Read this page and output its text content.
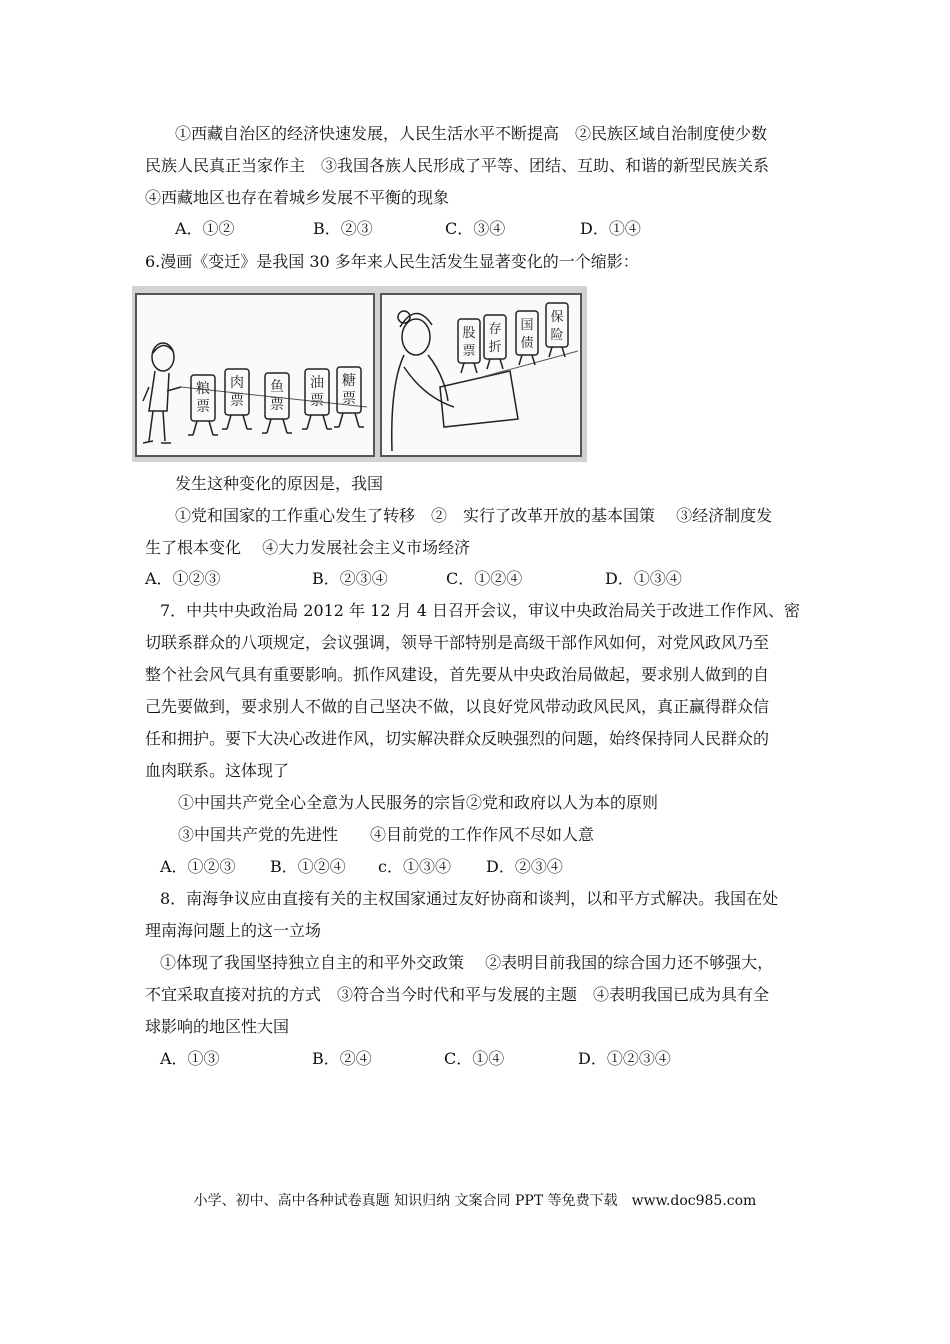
①西藏自治区的经济快速发展，人民生活水平不断提高　②民族区域自治制度使少数
民族人民真正当家作主　③我国各族人民形成了平等、团结、互助、和谐的新型民族关系
④西藏地区也存在着城乡发展不平衡的现象
A．①②	B．②③	C．③④	D．①④
6.漫画《变迁》是我国 30 多年来人民生活发生显著变化的一个缩影：
粮
票
肉
票
鱼
票
油
票
糖
票
股
票
存
折
国
债
保
险
发生这种变化的原因是，我国
①党和国家的工作重心发生了转移　②　实行了改革开放的基本国策　 ③经济制度发
生了根本变化　 ④大力发展社会主义市场经济
A．①②③	B．②③④	C．①②④	D．①③④
7．中共中央政治局 2012 年 12 月 4 日召开会议，审议中央政治局关于改进工作作风、密
切联系群众的八项规定，会议强调，领导干部特别是高级干部作风如何，对党风政风乃至
整个社会风气具有重要影响。抓作风建设，首先要从中央政治局做起，要求别人做到的自
己先要做到，要求别人不做的自己坚决不做，以良好党风带动政风民风，真正赢得群众信
任和拥护。要下大决心改进作风，切实解决群众反映强烈的问题，始终保持同人民群众的
血肉联系。这体现了
①中国共产党全心全意为人民服务的宗旨②党和政府以人为本的原则
③中国共产党的先进性　　④目前党的工作作风不尽如人意
A．①②③ B．①②④ c．①③④ D．②③④
8．南海争议应由直接有关的主权国家通过友好协商和谈判，以和平方式解决。我国在处
理南海问题上的这一立场
①体现了我国坚持独立自主的和平外交政策　 ②表明目前我国的综合国力还不够强大，
不宜采取直接对抗的方式　③符合当今时代和平与发展的主题　④表明我国已成为具有全
球影响的地区性大国
A．①③	B．②④	C．①④	D．①②③④
小学、初中、高中各种试卷真题 知识归纳 文案合同 PPT 等免费下载　www.doc985.com
